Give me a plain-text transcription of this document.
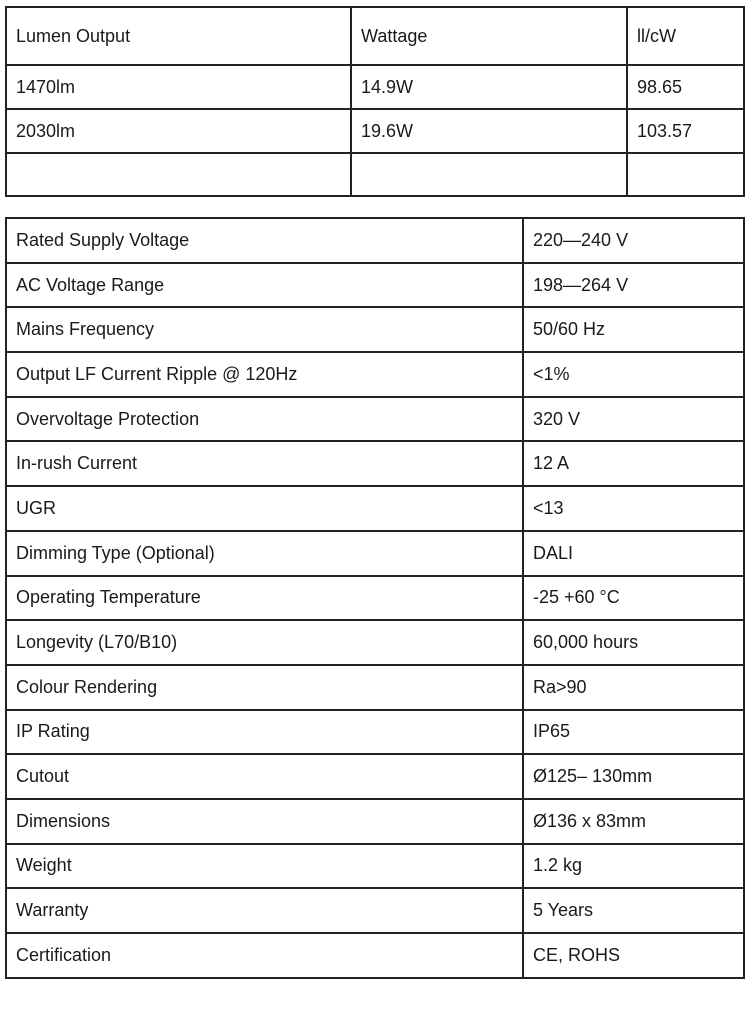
Lumen Output	Wattage	ll/cW
1470lm	14.9W	98.65
2030lm	19.6W	103.57

Rated Supply Voltage	220—240 V
AC Voltage Range	198—264 V
Mains Frequency	50/60 Hz
Output LF Current Ripple @ 120Hz	<1%
Overvoltage Protection	320 V
In-rush Current	12 A
UGR	<13
Dimming Type (Optional)	DALI
Operating Temperature	-25 +60 °C
Longevity (L70/B10)	60,000 hours
Colour Rendering	Ra>90
IP Rating	IP65
Cutout	Ø125– 130mm
Dimensions	Ø136 x 83mm
Weight	1.2 kg
Warranty	5 Years
Certification	CE, ROHS
